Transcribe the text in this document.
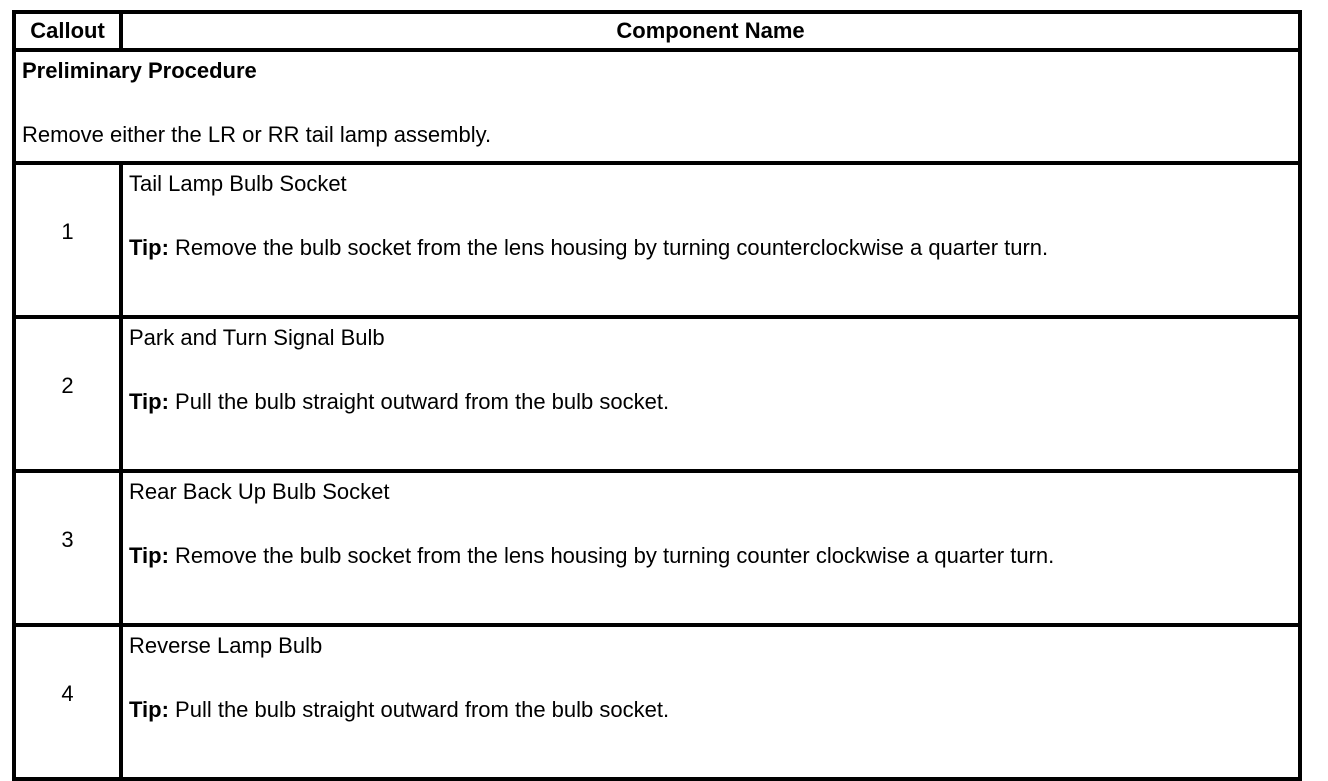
Callout	Component Name

Preliminary Procedure
Remove either the LR or RR tail lamp assembly.	

1	Tail Lamp Bulb Socket
Tip: Remove the bulb socket from the lens housing by turning counterclockwise a quarter turn.

2	Park and Turn Signal Bulb
Tip: Pull the bulb straight outward from the bulb socket.

3	Rear Back Up Bulb Socket
Tip: Remove the bulb socket from the lens housing by turning counter clockwise a quarter turn.

4	Reverse Lamp Bulb
Tip: Pull the bulb straight outward from the bulb socket.
